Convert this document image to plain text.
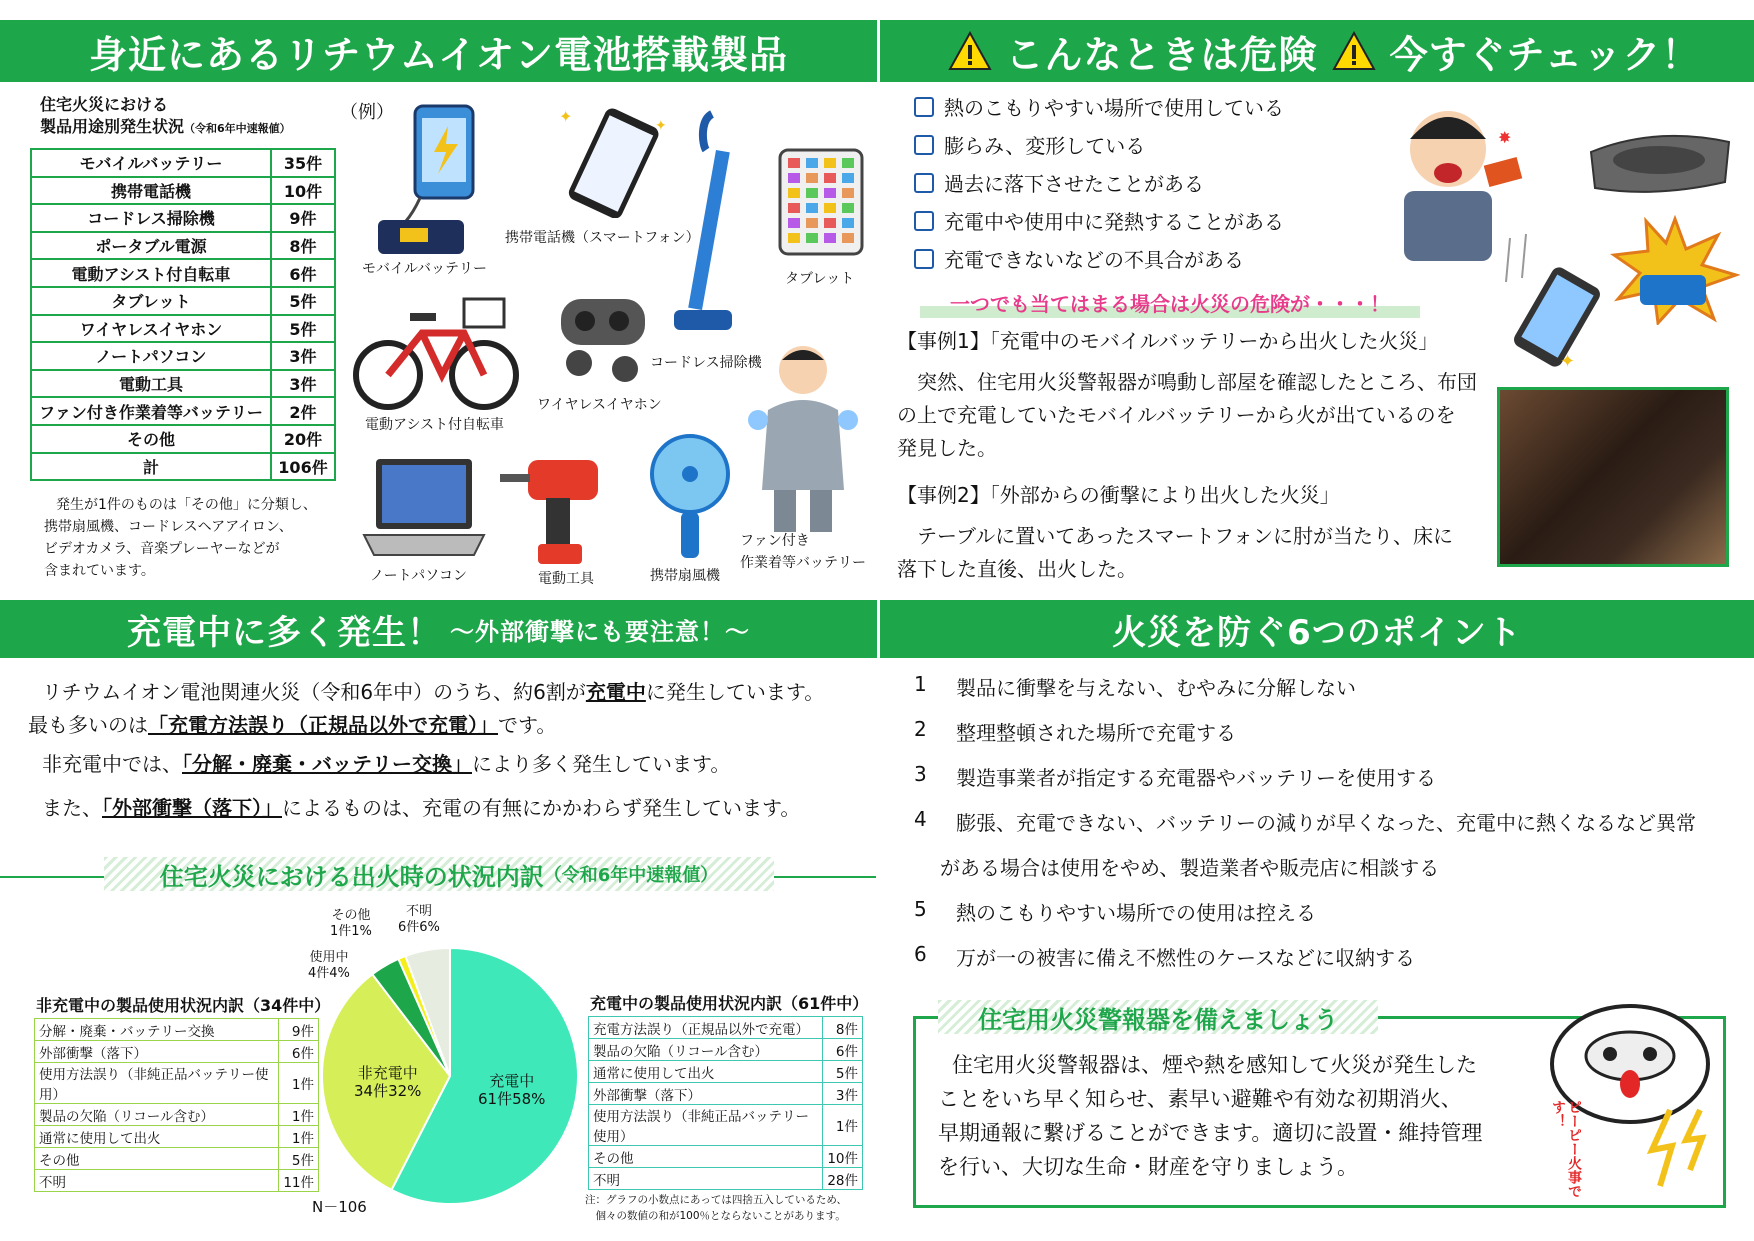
身近にあるリチウムイオン電池搭載製品
住宅火災における
製品用途別発生状況（令和6年中速報値）
モバイルバッテリー	35件
携帯電話機	10件
コードレス掃除機	9件
ポータブル電源	8件
電動アシスト付自転車	6件
タブレット	5件
ワイヤレスイヤホン	5件
ノートパソコン	3件
電動工具	3件
ファン付き作業着等バッテリー	2件
その他	20件
計	106件
発生が1件のものは「その他」に分類し、
携帯扇風機、コードレスヘアアイロン、
ビデオカメラ、音楽プレーヤーなどが
含まれています。
（例）
モバイルバッテリー
✦	✦
携帯電話機（スマートフォン）
コードレス掃除機
タブレット
電動アシスト付自転車
ワイヤレスイヤホン
ノートパソコン	電動工具	携帯扇風機
ファン付き
作業着等バッテリー
こんなときは危険 今すぐチェック！
熱のこもりやすい場所で使用している
膨らみ、変形している
過去に落下させたことがある
充電中や使用中に発熱することがある
充電できないなどの不具合がある
一つでも当てはまる場合は火災の危険が・・・！
【事例1】「充電中のモバイルバッテリーから出火した火災」
　突然、住宅用火災警報器が鳴動し部屋を確認したところ、布団
の上で充電していたモバイルバッテリーから火が出ているのを
発見した。
【事例2】「外部からの衝撃により出火した火災」
　テーブルに置いてあったスマートフォンに肘が当たり、床に
落下した直後、出火した。
✸
✦
充電中に多く発生！ ～外部衝撃にも要注意！～
リチウムイオン電池関連火災（令和6年中）のうち、約6割が充電中に発生しています。
最も多いのは「充電方法誤り（正規品以外で充電）」です。
非充電中では、「分解・廃棄・バッテリー交換」により多く発生しています。
また、「外部衝撃（落下）」によるものは、充電の有無にかかわらず発生しています。
住宅火災における出火時の状況内訳 （令和6年中速報値）
充電中
61件58%
非充電中
34件32%
使用中
4件4%
その他
1件1%
不明
6件6%
非充電中の製品使用状況内訳（34件中）
分解・廃棄・バッテリー交換	9件
外部衝撃（落下）	6件
使用方法誤り（非純正品バッテリー使用）	1件
製品の欠陥（リコール含む）	1件
通常に使用して出火	1件
その他	5件
不明	11件
充電中の製品使用状況内訳（61件中）
充電方法誤り（正規品以外で充電）	8件
製品の欠陥（リコール含む）	6件
通常に使用して出火	5件
外部衝撃（落下）	3件
使用方法誤り（非純正品バッテリー使用）	1件
その他	10件
不明	28件
N－106	注：グラフの小数点にあっては四捨五入しているため、
　個々の数値の和が100％とならないことがあります。
火災を防ぐ6つのポイント
1	製品に衝撃を与えない、むやみに分解しない
2	整理整頓された場所で充電する
3	製造事業者が指定する充電器やバッテリーを使用する
4	膨張、充電できない、バッテリーの減りが早くなった、充電中に熱くなるなど異常
がある場合は使用をやめ、製造業者や販売店に相談する
5	熱のこもりやすい場所での使用は控える
6	万が一の被害に備え不燃性のケースなどに収納する
住宅用火災警報器を備えましょう
住宅用火災警報器は、煙や熱を感知して火災が発生した
ことをいち早く知らせ、素早い避難や有効な初期消火、
早期通報に繋げることができます。適切に設置・維持管理
を行い、大切な生命・財産を守りましょう。	ピーピー火事です！
